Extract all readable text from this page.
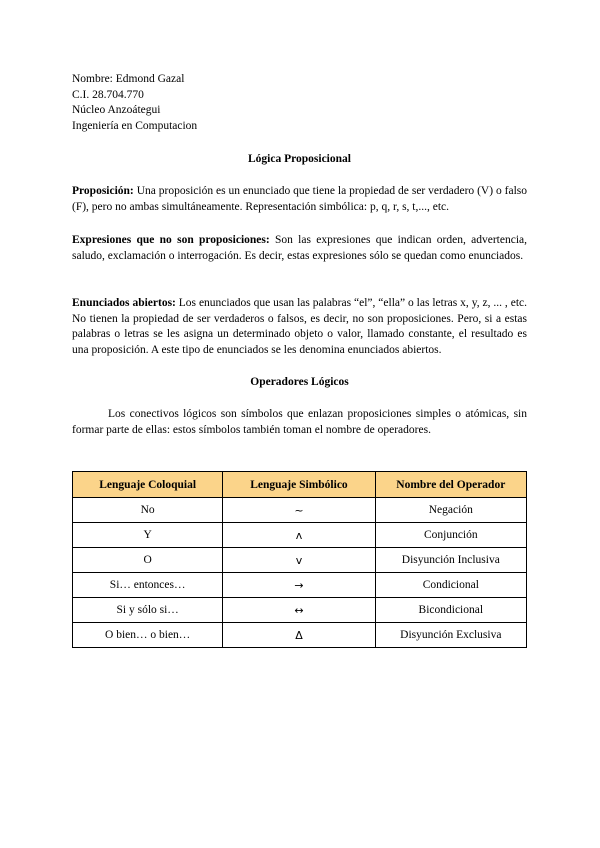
Nombre: Edmond Gazal
C.I. 28.704.770
Núcleo Anzoátegui
Ingeniería en Computacion
Lógica Proposicional

Proposición: Una proposición es un enunciado que tiene la propiedad de ser verdadero (V) o falso (F), pero no ambas simultáneamente. Representación simbólica: p, q, r, s, t,..., etc.

Expresiones que no son proposiciones: Son las expresiones que indican orden, advertencia, saludo, exclamación o interrogación. Es decir, estas expresiones sólo se quedan como enunciados.

Enunciados abiertos: Los enunciados que usan las palabras “el”, “ella” o las letras x, y, z, ... , etc. No tienen la propiedad de ser verdaderos o falsos, es decir, no son proposiciones. Pero, si a estas palabras o letras se les asigna un determinado objeto o valor, llamado constante, el resultado es una proposición. A este tipo de enunciados se les denomina enunciados abiertos.

Operadores Lógicos

Los conectivos lógicos son símbolos que enlazan proposiciones simples o atómicas, sin formar parte de ellas: estos símbolos también toman el nombre de operadores.

Lenguaje Coloquial	Lenguaje Simbólico	Nombre del Operador
No	~	Negación
Y	ʌ	Conjunción
O	v	Disyunción Inclusiva
Si… entonces…	→	Condicional
Si y sólo si…	↔	Bicondicional
O bien… o bien…	Δ	Disyunción Exclusiva
